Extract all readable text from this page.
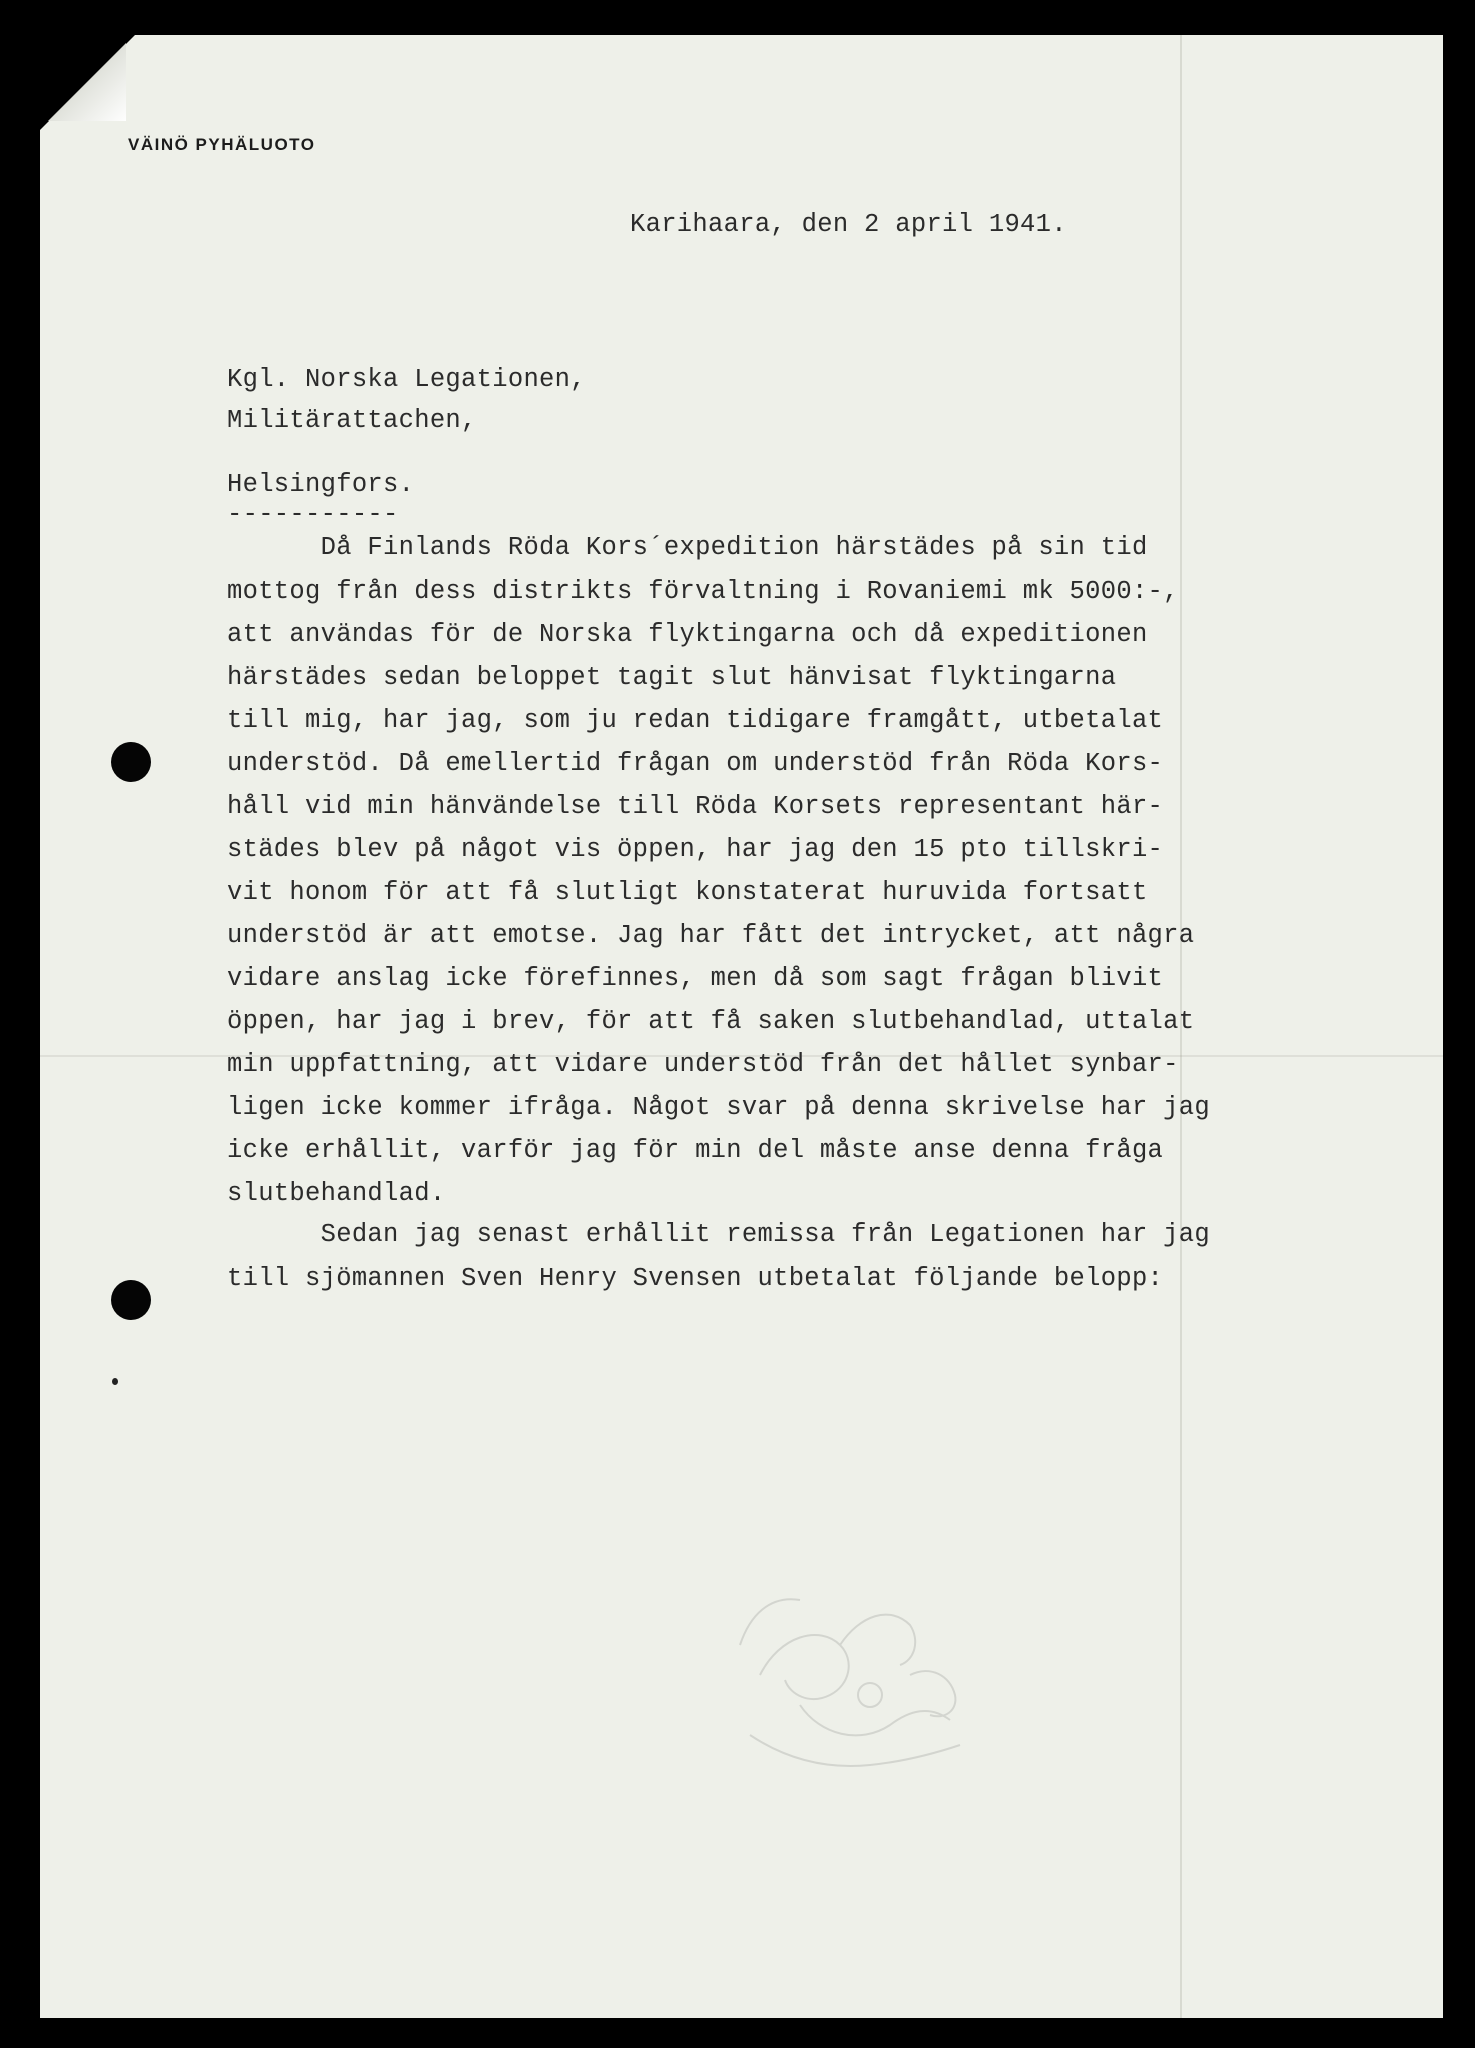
VÄINÖ PYHÄLUOTO
Karihaara, den 2 april 1941.
Kgl. Norska Legationen,
Militärattachen,
Helsingfors.
-----------
Då Finlands Röda Kors´expedition härstädes på sin tid
mottog från dess distrikts förvaltning i Rovaniemi mk 5000:-,
att användas för de Norska flyktingarna och då expeditionen
härstädes sedan beloppet tagit slut hänvisat flyktingarna
till mig, har jag, som ju redan tidigare framgått, utbetalat
understöd. Då emellertid frågan om understöd från Röda Kors-
håll vid min hänvändelse till Röda Korsets representant här-
städes blev på något vis öppen, har jag den 15 pto tillskri-
vit honom för att få slutligt konstaterat huruvida fortsatt
understöd är att emotse. Jag har fått det intrycket, att några
vidare anslag icke förefinnes, men då som sagt frågan blivit
öppen, har jag i brev, för att få saken slutbehandlad, uttalat
min uppfattning, att vidare understöd från det hållet synbar-
ligen icke kommer ifråga. Något svar på denna skrivelse har jag
icke erhållit, varför jag för min del måste anse denna fråga
slutbehandlad.
Sedan jag senast erhållit remissa från Legationen har jag
till sjömannen Sven Henry Svensen utbetalat följande belopp:
